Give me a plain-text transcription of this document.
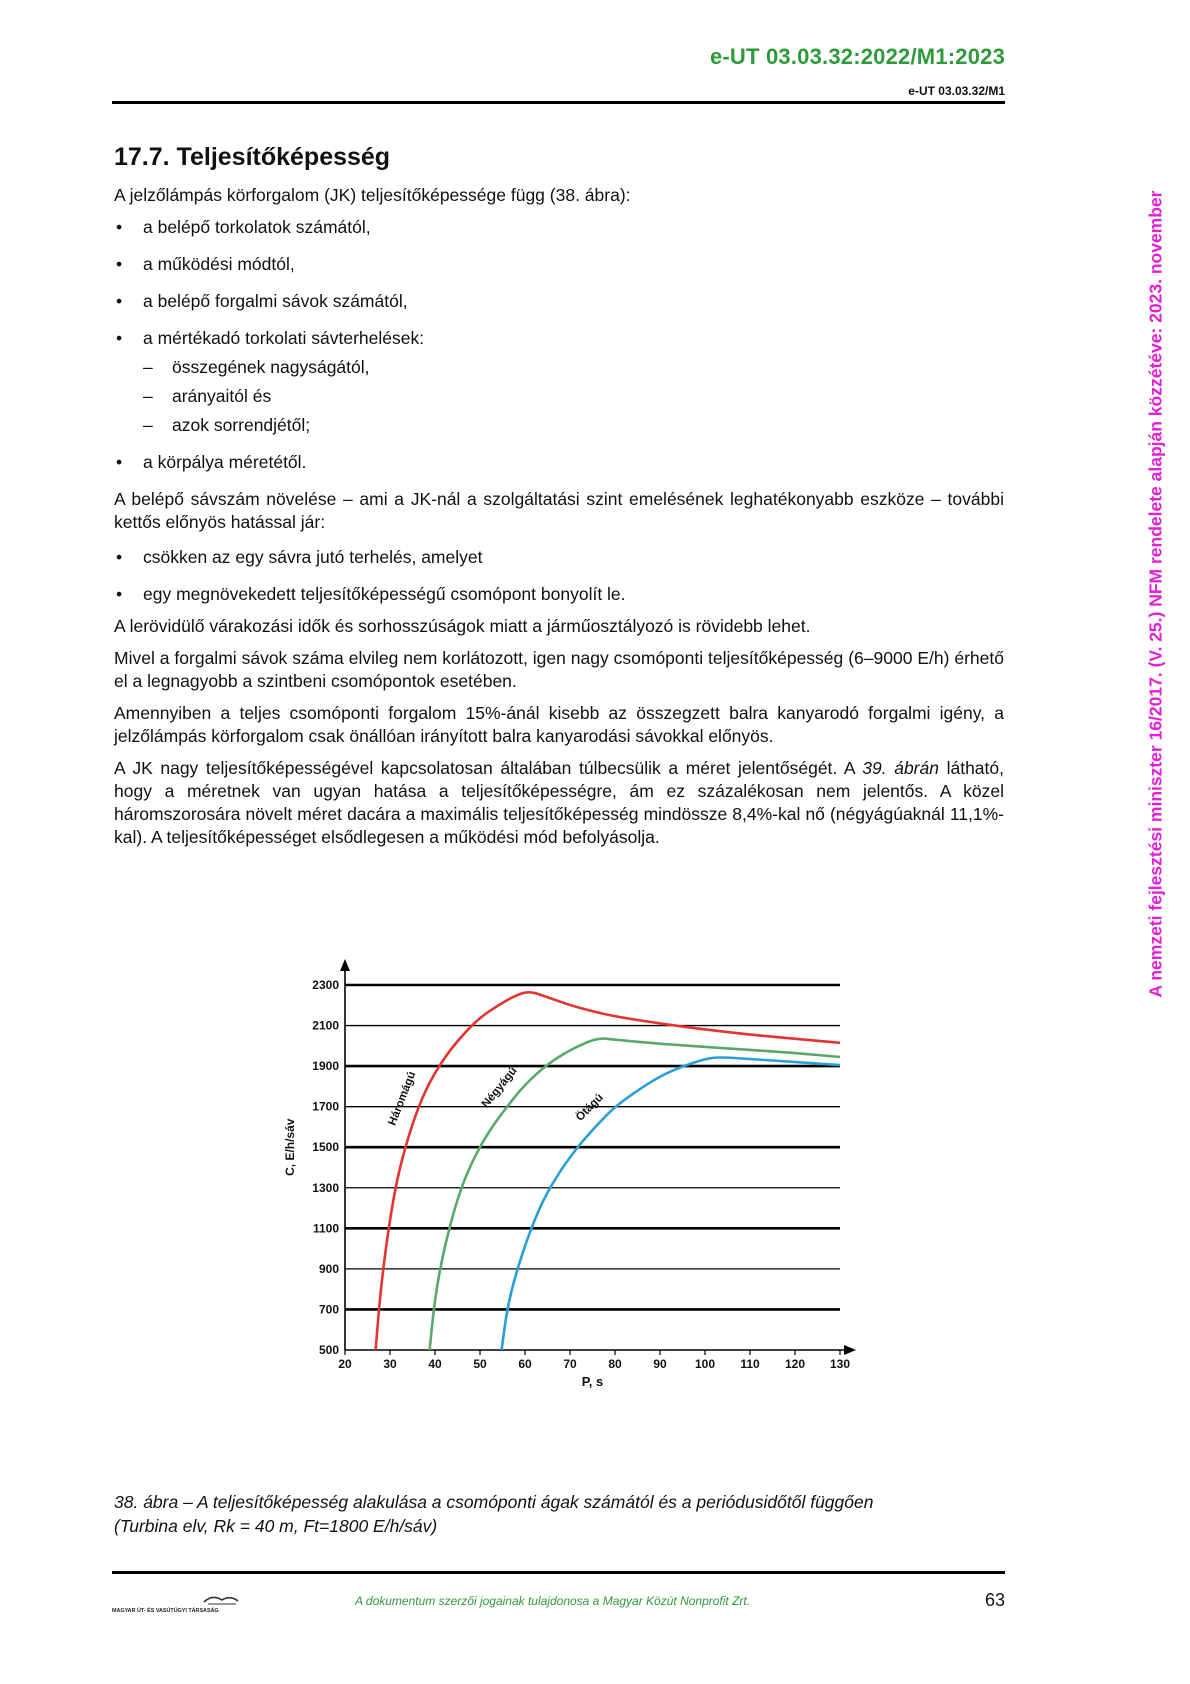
e-UT 03.03.32:2022/M1:2023
e-UT 03.03.32/M1
A nemzeti fejlesztési miniszter 16/2017. (V. 25.) NFM rendelete alapján közzétéve: 2023. november
17.7. Teljesítőképesség

A jelzőlámpás körforgalom (JK) teljesítőképessége függ (38. ábra):

• a belépő torkolatok számától,
• a működési módtól,
• a belépő forgalmi sávok számától,
• a mértékadó torkolati sávterhelések:
– összegének nagyságától,
– arányaitól és
– azok sorrendjétől;
• a körpálya méretétől.

A belépő sávszám növelése – ami a JK-nál a szolgáltatási szint emelésének leghatékonyabb eszköze – további kettős előnyös hatással jár:

• csökken az egy sávra jutó terhelés, amelyet
• egy megnövekedett teljesítőképességű csomópont bonyolít le.

A lerövidülő várakozási idők és sorhosszúságok miatt a járműosztályozó is rövidebb lehet.

Mivel a forgalmi sávok száma elvileg nem korlátozott, igen nagy csomóponti teljesítőképesség (6–9000 E/h) érhető el a legnagyobb a szintbeni csomópontok esetében.

Amennyiben a teljes csomóponti forgalom 15%-ánál kisebb az összegzett balra kanyarodó forgalmi igény, a jelzőlámpás körforgalom csak önállóan irányított balra kanyarodási sávokkal előnyös.

A JK nagy teljesítőképességével kapcsolatosan általában túlbecsülik a méret jelentőségét. A 39. ábrán látható, hogy a méretnek van ugyan hatása a teljesítőképességre, ám ez százalékosan nem jelentős. A közel háromszorosára növelt méret dacára a maximális teljesítőképesség mindössze 8,4%-kal nő (négyágúaknál 11,1%-kal). A teljesítőképességet elsődlegesen a működési mód befolyásolja.

500
700
900
1100
1300
1500
1700
1900
2100
2300
20	30	40	50	60	70	80	90 100 110 120 130
P, s
C, E/h/sáv
Háromágú	Négyágú	Ötágú
38. ábra – A teljesítőképesség alakulása a csomóponti ágak számától és a periódusidőtől függően
(Turbina elv, Rk = 40 m, Ft=1800 E/h/sáv)
MAGYAR ÚT- ÉS VASÚTÜGYI TÁRSASÁG
A dokumentum szerzői jogainak tulajdonosa a Magyar Közút Nonprofit Zrt.	63
